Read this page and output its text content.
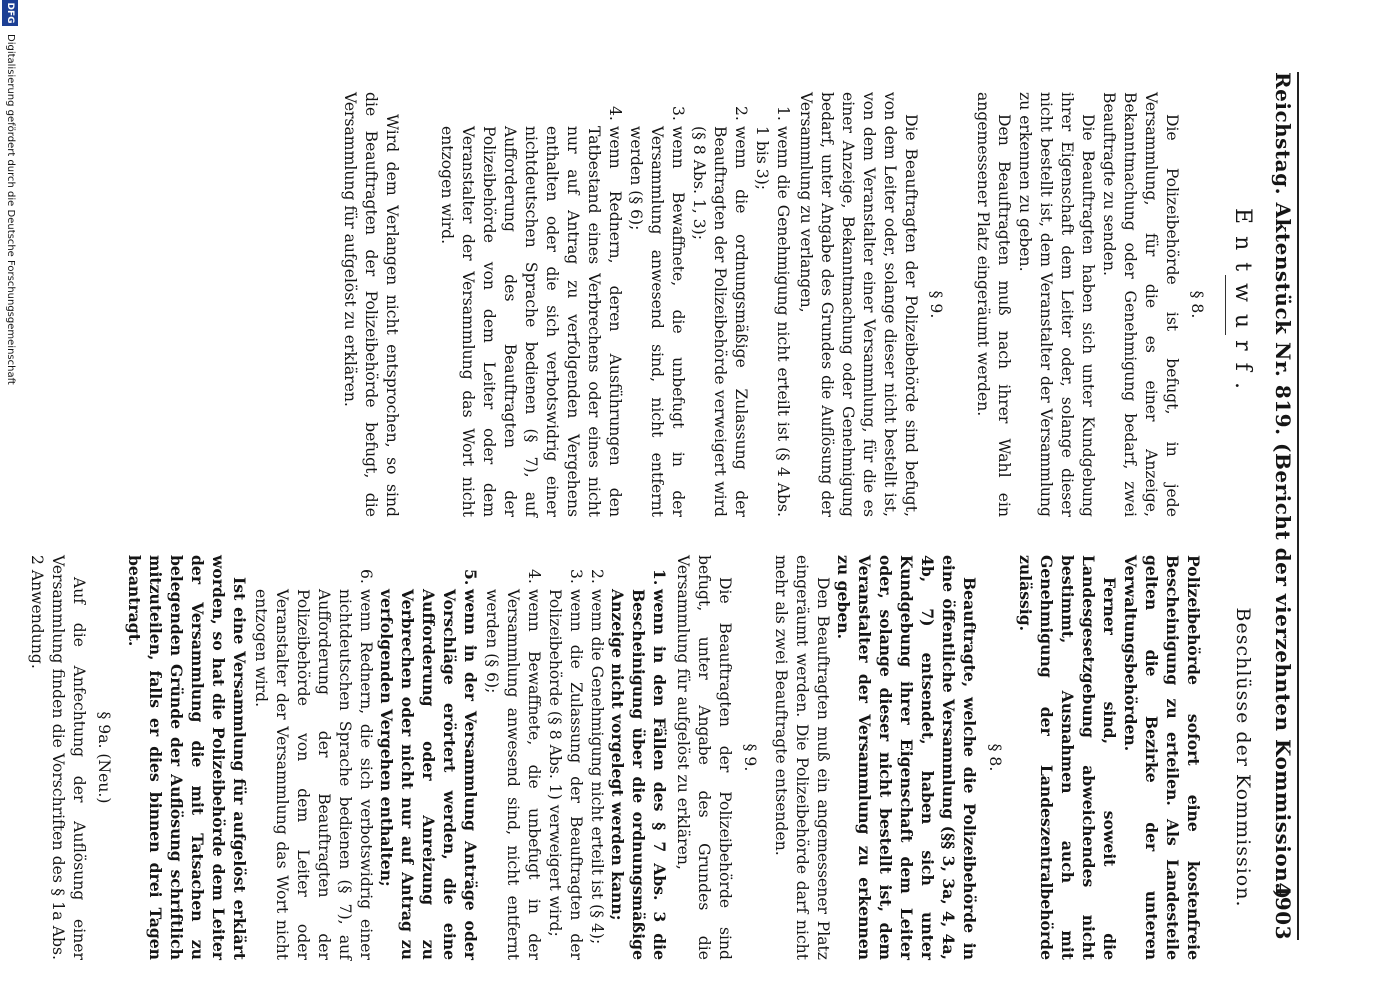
Reichstag. Aktenstück Nr. 819. (Bericht der vierzehnten Kommission.)
4903
Entwurf.
§ 8.

Die Polizeibehörde ist befugt, in jede Versammlung, für die es einer Anzeige, Bekanntmachung oder Genehmigung bedarf, zwei Beauftragte zu senden.

Die Beauftragten haben sich unter Kundgebung ihrer Eigenschaft dem Leiter oder, solange dieser nicht bestellt ist, dem Veranstalter der Versammlung zu erkennen zu geben.

Den Beauftragten muß nach ihrer Wahl ein angemessener Platz eingeräumt werden.

§ 9.

Die Beauftragten der Polizeibehörde sind befugt, von dem Leiter oder, solange dieser nicht bestellt ist, von dem Veranstalter einer Versammlung, für die es einer Anzeige, Bekanntmachung oder Genehmigung bedarf, unter Angabe des Grundes die Auflösung der Versammlung zu verlangen,

1.
wenn die Genehmigung nicht erteilt ist (§ 4 Abs. 1 bis 3);
2.
wenn die ordnungsmäßige Zulassung der Beauftragten der Polizeibehörde verweigert wird (§ 8 Abs. 1, 3);
3.
wenn Bewaffnete, die unbefugt in der Versammlung anwesend sind, nicht entfernt werden (§ 6);
4.
wenn Rednern, deren Ausführungen den Tatbestand eines Verbrechens oder eines nicht nur auf Antrag zu verfolgenden Vergehens enthalten oder die sich verbotswidrig einer nichtdeutschen Sprache bedienen (§ 7), auf Aufforderung des Beauftragten der Polizeibehörde von dem Leiter oder dem Veranstalter der Versammlung das Wort nicht entzogen wird.

Wird dem Verlangen nicht entsprochen, so sind die Beauftragten der Polizeibehörde befugt, die Versammlung für aufgelöst zu erklären.

Beschlüsse der Kommission.

Polizeibehörde sofort eine kostenfreie Bescheinigung zu erteilen. Als Landesteile gelten die Bezirke der unteren Verwaltungsbehörden.

Ferner sind, soweit die Landesgesetzgebung abweichendes nicht bestimmt, Ausnahmen auch mit Genehmigung der Landeszentralbehörde zulässig.

§ 8.

Beauftragte, welche die Polizeibehörde in eine öffentliche Versammlung (§§ 3, 3a, 4, 4a, 4b, 7) entsendet, haben sich unter Kundgebung ihrer Eigenschaft dem Leiter oder, solange dieser nicht bestellt ist, dem Veranstalter der Versammlung zu erkennen zu geben.

Den Beauftragten muß ein angemessener Platz eingeräumt werden. Die Polizeibehörde darf nicht mehr als zwei Beauftragte entsenden.

§ 9.

Die Beauftragten der Polizeibehörde sind befugt, unter Angabe des Grundes die Versammlung für aufgelöst zu erklären,

1.
wenn in den Fällen des § 7 Abs. 3 die Bescheinigung über die ordnungsmäßige Anzeige nicht vorgelegt werden kann;
2.
wenn die Genehmigung nicht erteilt ist (§ 4);
3.
wenn die Zulassung der Beauftragten der Polizeibehörde (§ 8 Abs. 1) verweigert wird;
4.
wenn Bewaffnete, die unbefugt in der Versammlung anwesend sind, nicht entfernt werden (§ 6);
5.
wenn in der Versammlung Anträge oder Vorschläge erörtert werden, die eine Aufforderung oder Anreizung zu Verbrechen oder nicht nur auf Antrag zu verfolgenden Vergehen enthalten;
6.
wenn Rednern, die sich verbotswidrig einer nichtdeutschen Sprache bedienen (§ 7), auf Aufforderung der Beauftragten der Polizeibehörde von dem Leiter oder Veranstalter der Versammlung das Wort nicht entzogen wird.

Ist eine Versammlung für aufgelöst erklärt worden, so hat die Polizeibehörde dem Leiter der Versammlung die mit Tatsachen zu belegenden Gründe der Auflösung schriftlich mitzuteilen, falls er dies binnen drei Tagen beantragt.

§ 9a. (Neu.)

Auf die Anfechtung der Auflösung einer Versammlung finden die Vorschriften des § 1a Abs. 2 Anwendung.

DFG
Digitalisierung gefördert durch die Deutsche Forschungsgemeinschaft
